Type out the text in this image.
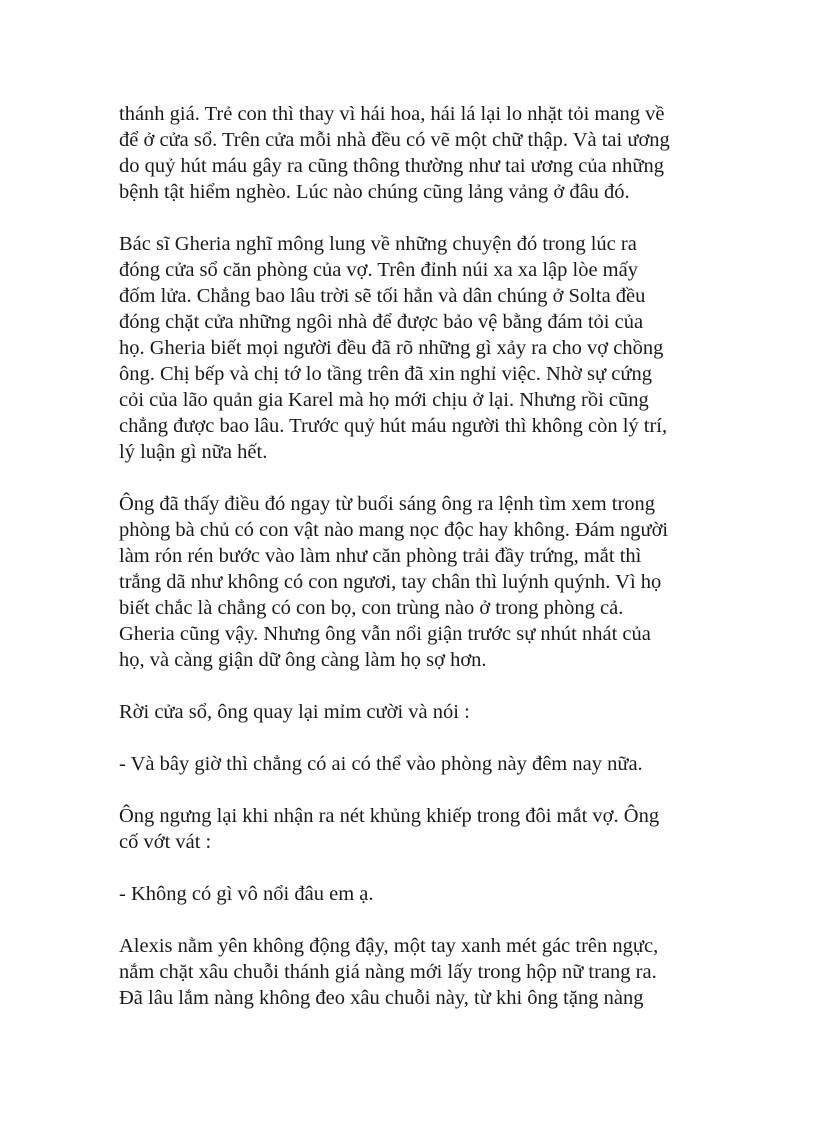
thánh giá. Trẻ con thì thay vì hái hoa, hái lá lại lo nhặt tỏi mang về
để ở cửa sổ. Trên cửa mỗi nhà đều có vẽ một chữ thập. Và tai ương
do quỷ hút máu gây ra cũng thông thường như tai ương của những
bệnh tật hiểm nghèo. Lúc nào chúng cũng lảng vảng ở đâu đó.
Bác sĩ Gheria nghĩ mông lung về những chuyện đó trong lúc ra
đóng cửa sổ căn phòng của vợ. Trên đỉnh núi xa xa lập lòe mấy
đốm lửa. Chẳng bao lâu trời sẽ tối hẳn và dân chúng ở Solta đều
đóng chặt cửa những ngôi nhà để được bảo vệ bằng đám tỏi của
họ. Gheria biết mọi người đều đã rõ những gì xảy ra cho vợ chồng
ông. Chị bếp và chị tớ lo tầng trên đã xin nghỉ việc. Nhờ sự cứng
cỏi của lão quản gia Karel mà họ mới chịu ở lại. Nhưng rồi cũng
chẳng được bao lâu. Trước quỷ hút máu người thì không còn lý trí,
lý luận gì nữa hết.
Ông đã thấy điều đó ngay từ buổi sáng ông ra lệnh tìm xem trong
phòng bà chủ có con vật nào mang nọc độc hay không. Đám người
làm rón rén bước vào làm như căn phòng trải đầy trứng, mắt thì
trắng dã như không có con ngươi, tay chân thì luýnh quýnh. Vì họ
biết chắc là chẳng có con bọ, con trùng nào ở trong phòng cả.
Gheria cũng vậy. Nhưng ông vẫn nổi giận trước sự nhút nhát của
họ, và càng giận dữ ông càng làm họ sợ hơn.
Rời cửa sổ, ông quay lại mỉm cười và nói :
- Và bây giờ thì chẳng có ai có thể vào phòng này đêm nay nữa.
Ông ngưng lại khi nhận ra nét khủng khiếp trong đôi mắt vợ. Ông
cố vớt vát :
- Không có gì vô nổi đâu em ạ.
Alexis nằm yên không động đậy, một tay xanh mét gác trên ngực,
nắm chặt xâu chuỗi thánh giá nàng mới lấy trong hộp nữ trang ra.
Đã lâu lắm nàng không đeo xâu chuỗi này, từ khi ông tặng nàng
